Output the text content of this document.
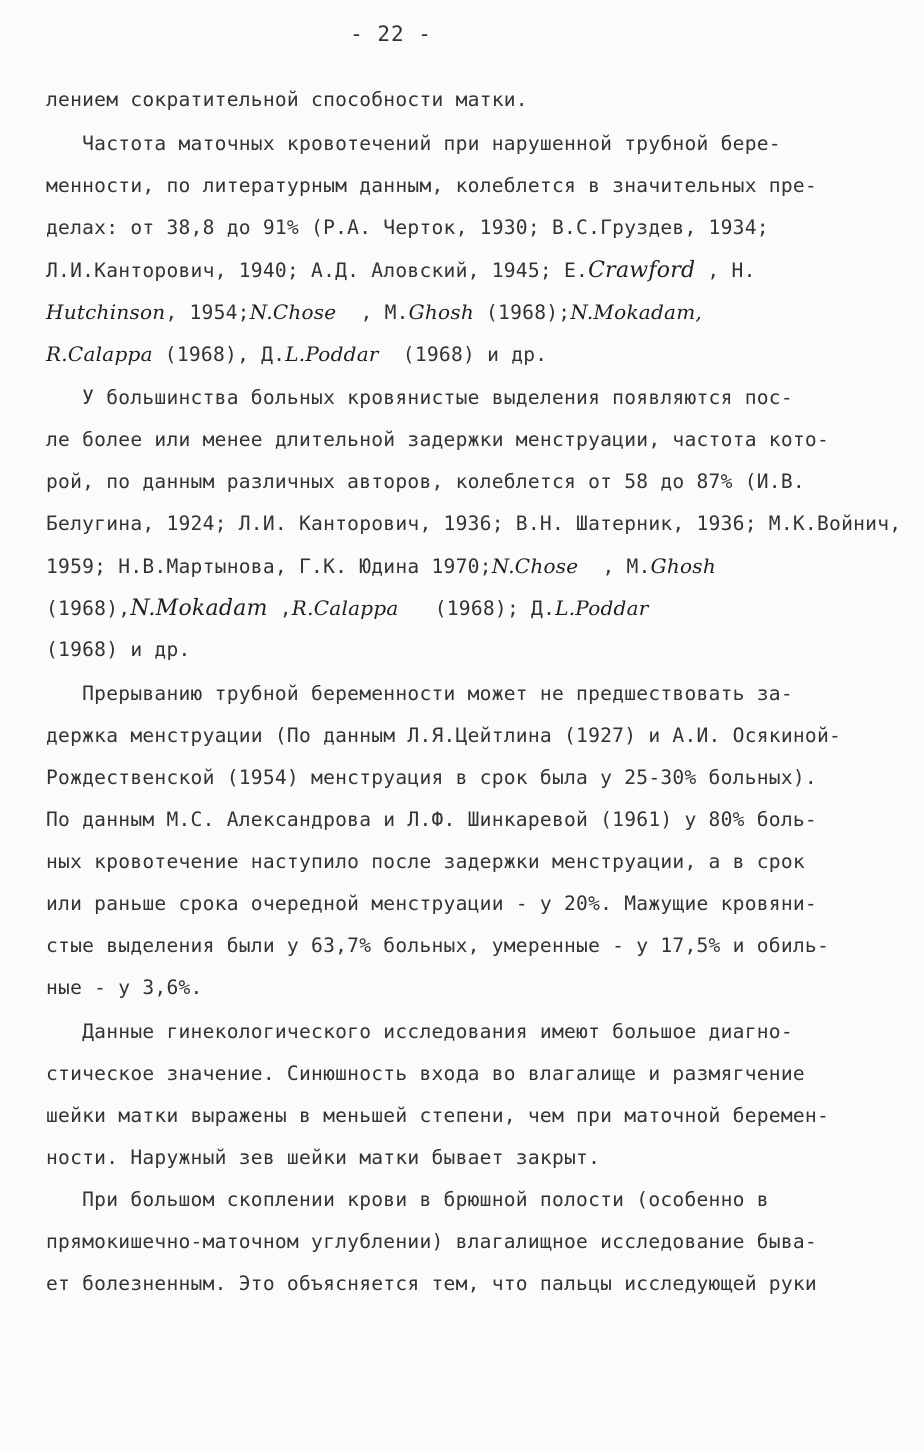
- 22 -
лением сократительной способности матки.
Частота маточных кровотечений при нарушенной трубной бере-
менности, по литературным данным, колеблется в значительных пре-
делах: от 38,8 до 91% (Р.А. Черток, 1930; В.С.Груздев, 1934;
Л.И.Канторович, 1940; А.Д. Аловский, 1945; Е.Crawford , Н.
Hutchinson, 1954;N.Chose  , М.Ghosh (1968);N.Mokadam,
R.Calappa (1968), Д.L.Poddar (1968) и др.
У большинства больных кровянистые выделения появляются пос-
ле более или менее длительной задержки менструации, частота кото-
рой, по данным различных авторов, колеблется от 58 до 87% (И.В.
Белугина, 1924; Л.И. Канторович, 1936; В.Н. Шатерник, 1936; М.К.Войнич,
1959; Н.В.Мартынова, Г.К. Юдина 1970;N.Chose  , М.Ghosh
(1968),N.Mokadam ,R.Calappa (1968); Д.L.Poddar
(1968) и др.
Прерыванию трубной беременности может не предшествовать за-
держка менструации (По данным Л.Я.Цейтлина (1927) и А.И. Осякиной-
Рождественской (1954) менструация в срок была у 25-30% больных).
По данным М.С. Александрова и Л.Ф. Шинкаревой (1961) у 80% боль-
ных кровотечение наступило после задержки менструации, а в срок
или раньше срока очередной менструации - у 20%. Мажущие кровяни-
стые выделения были у 63,7% больных, умеренные - у 17,5% и обиль-
ные - у 3,6%.
Данные гинекологического исследования имеют большое диагно-
стическое значение. Синюшность входа во влагалище и размягчение
шейки матки выражены в меньшей степени, чем при маточной беремен-
ности. Наружный зев шейки матки бывает закрыт.
При большом скоплении крови в брюшной полости (особенно в
прямокишечно-маточном углублении) влагалищное исследование быва-
ет болезненным. Это объясняется тем, что пальцы исследующей руки
